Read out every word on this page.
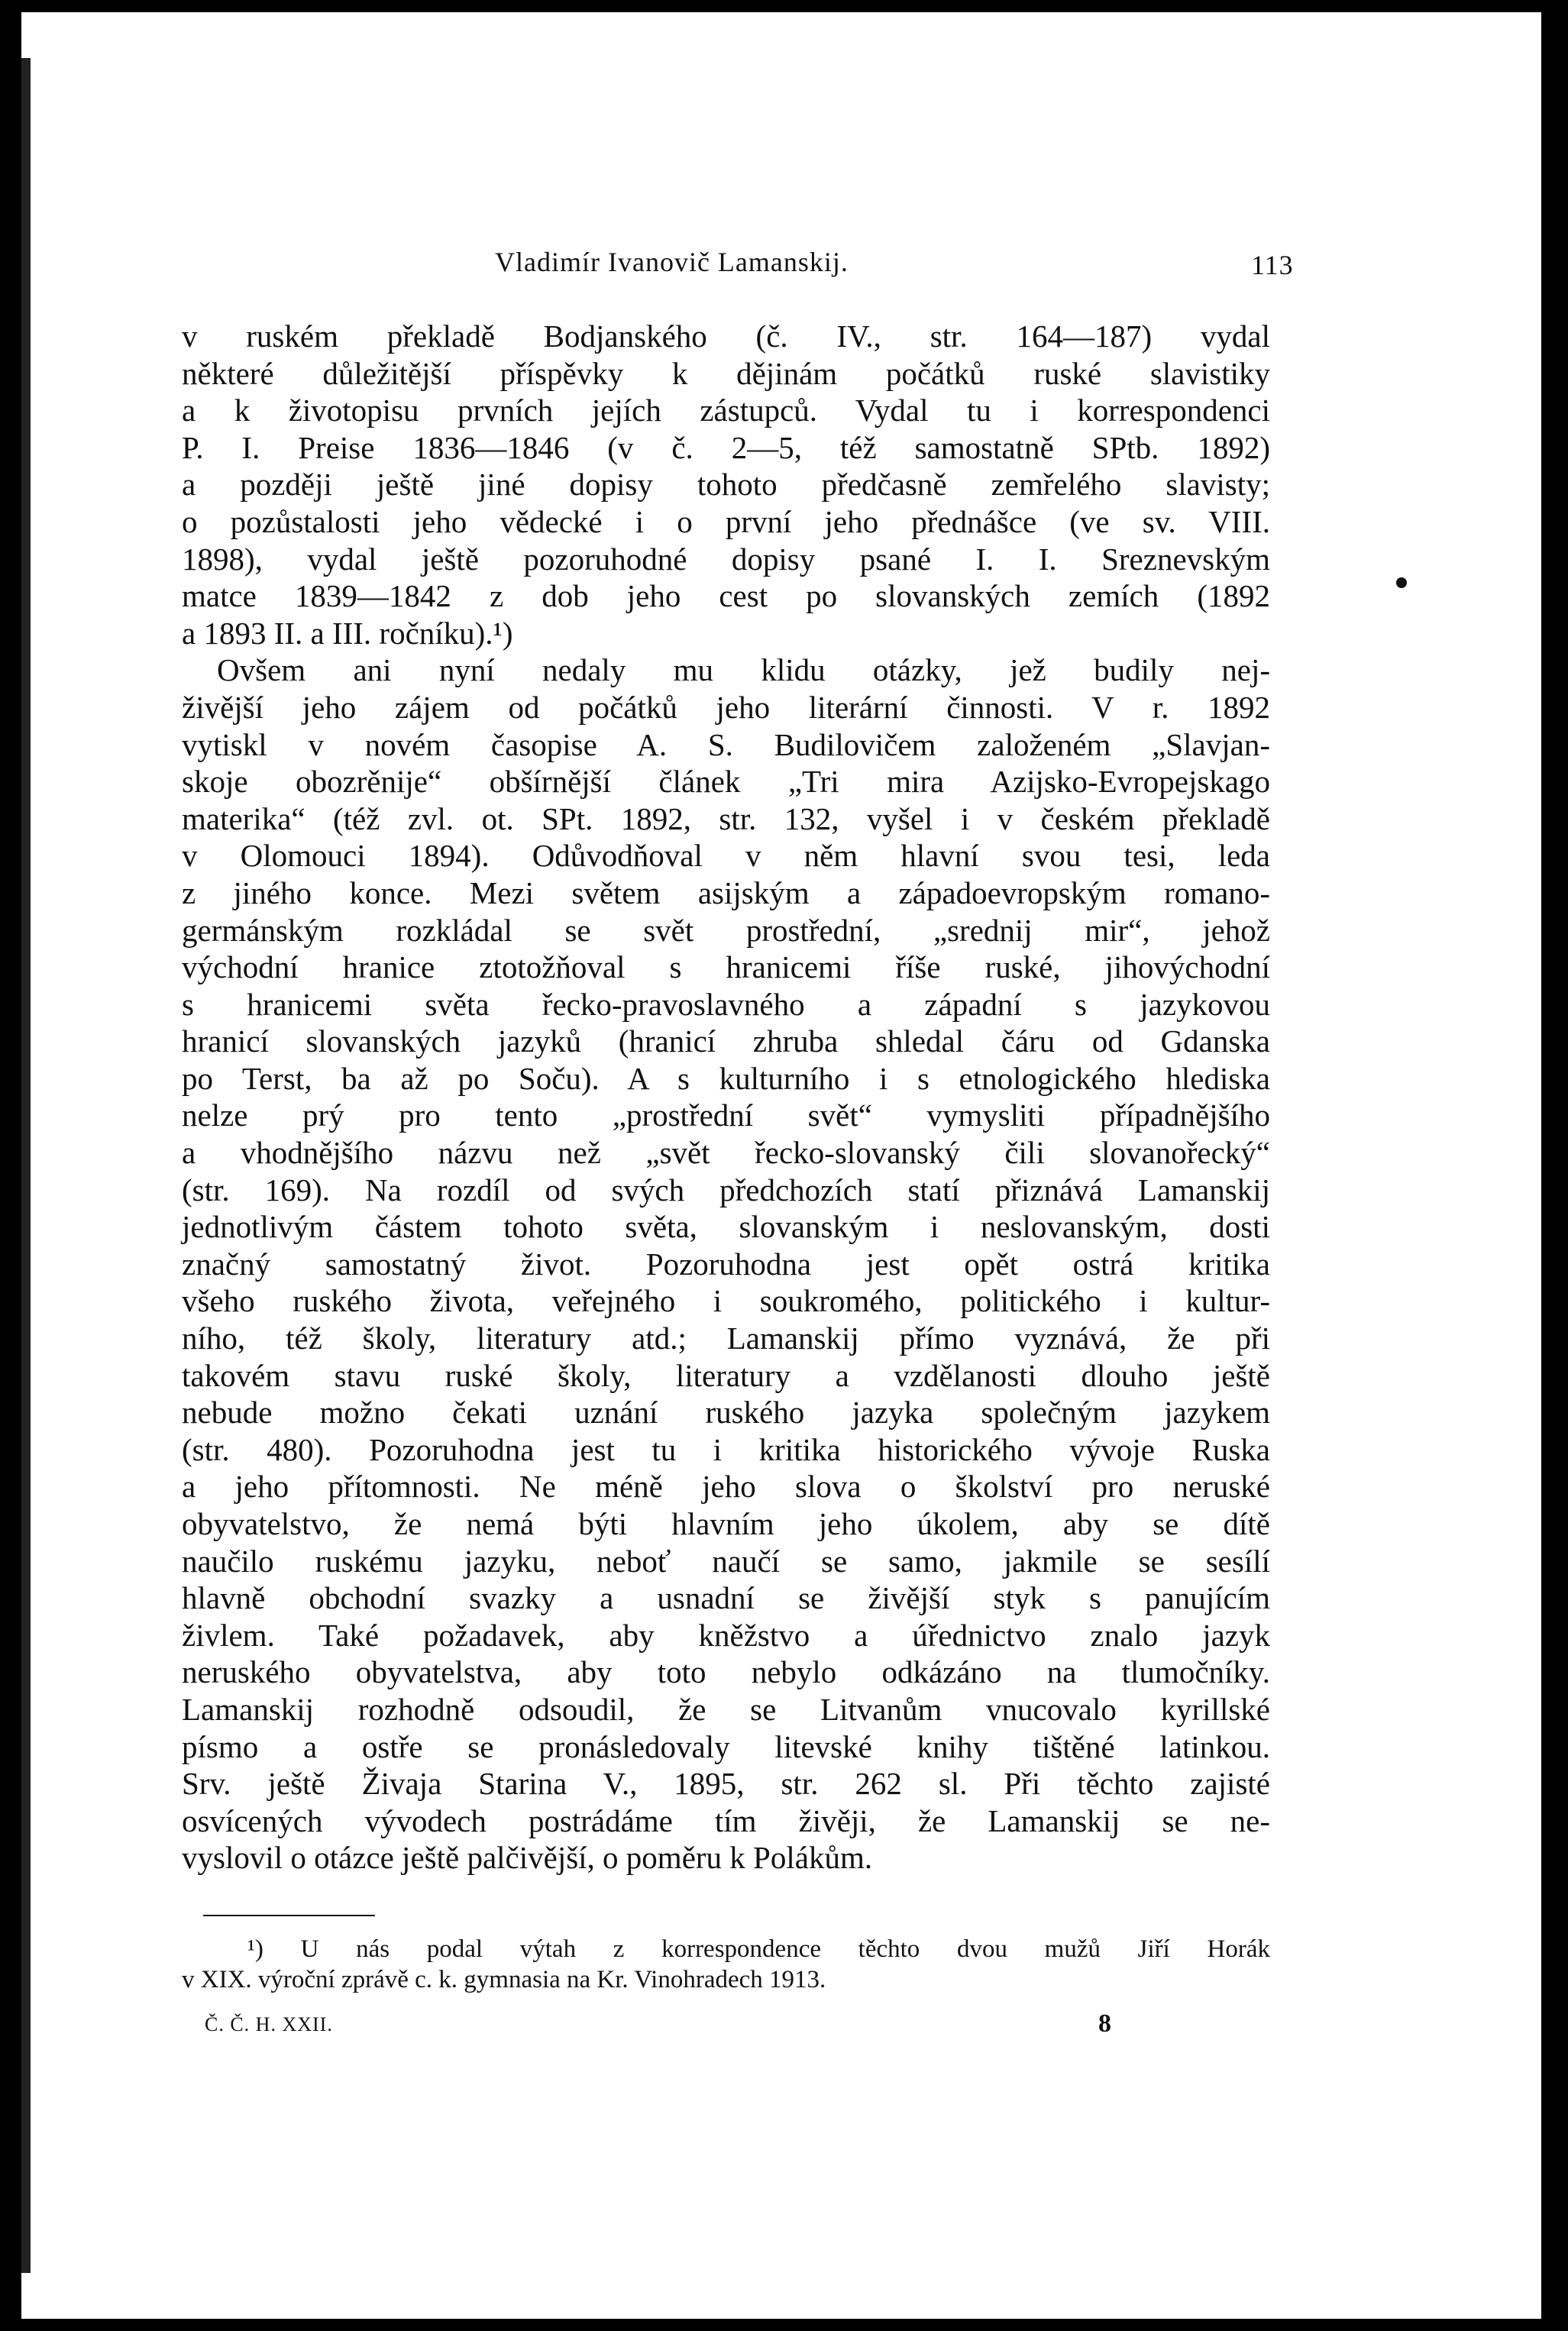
Vladimír Ivanovič Lamanskij.	113
v ruském překladě Bodjanského (č. IV., str. 164—187) vydal
některé důležitější příspěvky k dějinám počátků ruské slavistiky
a k životopisu prvních jejích zástupců. Vydal tu i korrespondenci
P. I. Preise 1836—1846 (v č. 2—5, též samostatně SPtb. 1892)
a později ještě jiné dopisy tohoto předčasně zemřelého slavisty;
o pozůstalosti jeho vědecké i o první jeho přednášce (ve sv. VIII.
1898), vydal ještě pozoruhodné dopisy psané I. I. Sreznevským
matce 1839—1842 z dob jeho cest po slovanských zemích (1892
a 1893 II. a III. ročníku).¹)
Ovšem ani nyní nedaly mu klidu otázky, jež budily nej-
živější jeho zájem od počátků jeho literární činnosti. V r. 1892
vytiskl v novém časopise A. S. Budilovičem založeném „Slavjan-
skoje obozrěnije“ obšírnější článek „Tri mira Azijsko-Evropejskago
materika“ (též zvl. ot. SPt. 1892, str. 132, vyšel i v českém překladě
v Olomouci 1894). Odůvodňoval v něm hlavní svou tesi, leda
z jiného konce. Mezi světem asijským a západoevropským romano-
germánským rozkládal se svět prostřední, „srednij mir“, jehož
východní hranice ztotožňoval s hranicemi říše ruské, jihovýchodní
s hranicemi světa řecko-pravoslavného a západní s jazykovou
hranicí slovanských jazyků (hranicí zhruba shledal čáru od Gdanska
po Terst, ba až po Soču). A s kulturního i s etnologického hlediska
nelze prý pro tento „prostřední svět“ vymysliti případnějšího
a vhodnějšího názvu než „svět řecko-slovanský čili slovanořecký“
(str. 169). Na rozdíl od svých předchozích statí přiznává Lamanskij
jednotlivým částem tohoto světa, slovanským i neslovanským, dosti
značný samostatný život. Pozoruhodna jest opět ostrá kritika
všeho ruského života, veřejného i soukromého, politického i kultur-
ního, též školy, literatury atd.; Lamanskij přímo vyznává, že při
takovém stavu ruské školy, literatury a vzdělanosti dlouho ještě
nebude možno čekati uznání ruského jazyka společným jazykem
(str. 480). Pozoruhodna jest tu i kritika historického vývoje Ruska
a jeho přítomnosti. Ne méně jeho slova o školství pro neruské
obyvatelstvo, že nemá býti hlavním jeho úkolem, aby se dítě
naučilo ruskému jazyku, neboť naučí se samo, jakmile se sesílí
hlavně obchodní svazky a usnadní se živější styk s panujícím
živlem. Také požadavek, aby kněžstvo a úřednictvo znalo jazyk
neruského obyvatelstva, aby toto nebylo odkázáno na tlumočníky.
Lamanskij rozhodně odsoudil, že se Litvanům vnucovalo kyrillské
písmo a ostře se pronásledovaly litevské knihy tištěné latinkou.
Srv. ještě Živaja Starina V., 1895, str. 262 sl. Při těchto zajisté
osvícených vývodech postrádáme tím živěji, že Lamanskij se ne-
vyslovil o otázce ještě palčivější, o poměru k Polákům.
¹) U nás podal výtah z korrespondence těchto dvou mužů Jiří Horák
v XIX. výroční zprávě c. k. gymnasia na Kr. Vinohradech 1913.
Č. Č. H. XXII.	8
